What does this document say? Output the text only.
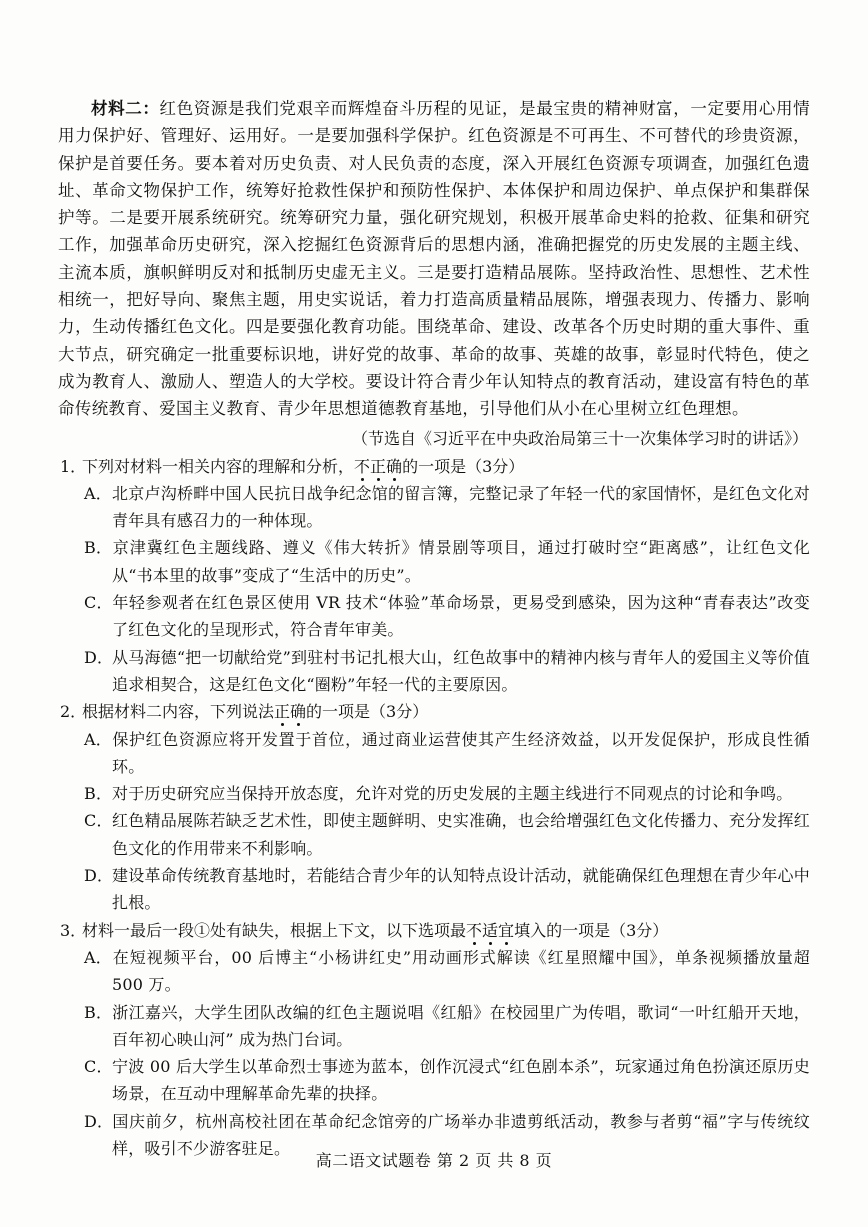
材料二：红色资源是我们党艰辛而辉煌奋斗历程的见证，是最宝贵的精神财富，一定要用心用情用力保护好、管理好、运用好。一是要加强科学保护。红色资源是不可再生、不可替代的珍贵资源，保护是首要任务。要本着对历史负责、对人民负责的态度，深入开展红色资源专项调查，加强红色遗址、革命文物保护工作，统筹好抢救性保护和预防性保护、本体保护和周边保护、单点保护和集群保护等。二是要开展系统研究。统筹研究力量，强化研究规划，积极开展革命史料的抢救、征集和研究工作，加强革命历史研究，深入挖掘红色资源背后的思想内涵，准确把握党的历史发展的主题主线、主流本质，旗帜鲜明反对和抵制历史虚无主义。三是要打造精品展陈。坚持政治性、思想性、艺术性相统一，把好导向、聚焦主题，用史实说话，着力打造高质量精品展陈，增强表现力、传播力、影响力，生动传播红色文化。四是要强化教育功能。围绕革命、建设、改革各个历史时期的重大事件、重大节点，研究确定一批重要标识地，讲好党的故事、革命的故事、英雄的故事，彰显时代特色，使之成为教育人、激励人、塑造人的大学校。要设计符合青少年认知特点的教育活动，建设富有特色的革命传统教育、爱国主义教育、青少年思想道德教育基地，引导他们从小在心里树立红色理想。

（节选自《习近平在中央政治局第三十一次集体学习时的讲话》）

1．下列对材料一相关内容的理解和分析，不正确的一项是（3分）

A．北京卢沟桥畔中国人民抗日战争纪念馆的留言簿，完整记录了年轻一代的家国情怀，是红色文化对青年具有感召力的一种体现。

B．京津冀红色主题线路、遵义《伟大转折》情景剧等项目，通过打破时空“距离感”，让红色文化从“书本里的故事”变成了“生活中的历史”。

C．年轻参观者在红色景区使用 VR 技术“体验”革命场景，更易受到感染，因为这种“青春表达”改变了红色文化的呈现形式，符合青年审美。

D．从马海德“把一切献给党”到驻村书记扎根大山，红色故事中的精神内核与青年人的爱国主义等价值追求相契合，这是红色文化“圈粉”年轻一代的主要原因。

2．根据材料二内容，下列说法正确的一项是（3分）

A．保护红色资源应将开发置于首位，通过商业运营使其产生经济效益，以开发促保护，形成良性循环。

B．对于历史研究应当保持开放态度，允许对党的历史发展的主题主线进行不同观点的讨论和争鸣。

C．红色精品展陈若缺乏艺术性，即使主题鲜明、史实准确，也会给增强红色文化传播力、充分发挥红色文化的作用带来不利影响。

D．建设革命传统教育基地时，若能结合青少年的认知特点设计活动，就能确保红色理想在青少年心中扎根。

3．材料一最后一段①处有缺失，根据上下文，以下选项最不适宜填入的一项是（3分）

A．在短视频平台，00 后博主“小杨讲红史”用动画形式解读《红星照耀中国》，单条视频播放量超 500 万。

B．浙江嘉兴，大学生团队改编的红色主题说唱《红船》在校园里广为传唱，歌词“一叶红船开天地，百年初心映山河” 成为热门台词。

C．宁波 00 后大学生以革命烈士事迹为蓝本，创作沉浸式“红色剧本杀”，玩家通过角色扮演还原历史场景，在互动中理解革命先辈的抉择。

D．国庆前夕，杭州高校社团在革命纪念馆旁的广场举办非遗剪纸活动，教参与者剪“福”字与传统纹样，吸引不少游客驻足。

高二语文试题卷 第 2 页 共 8 页
